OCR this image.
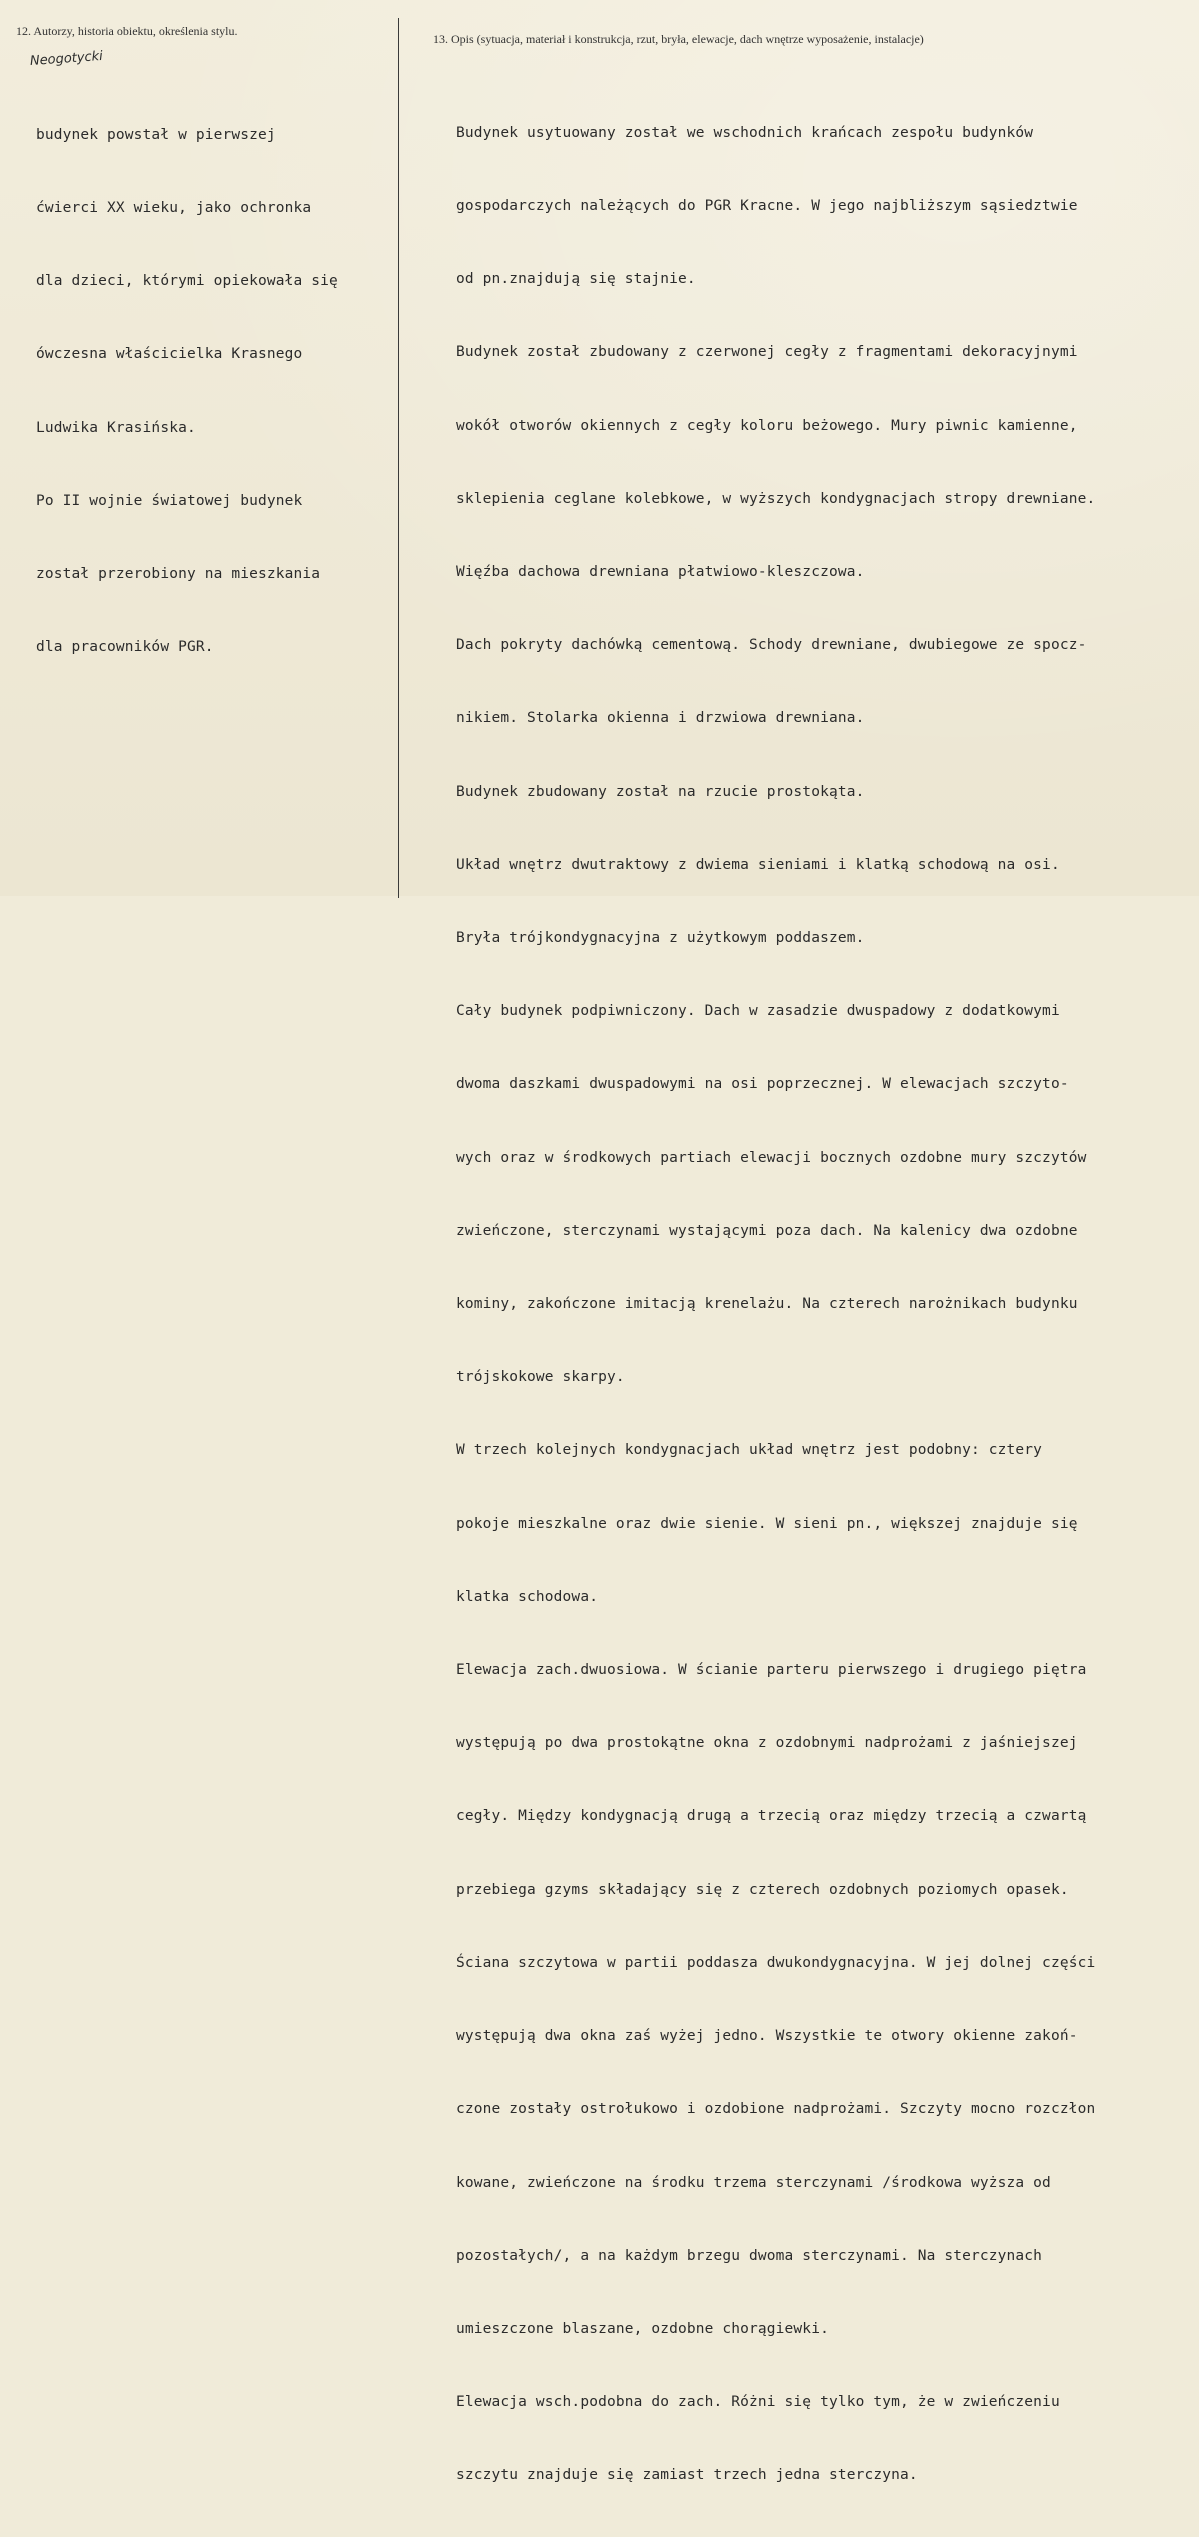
12. Autorzy, historia obiektu, określenia stylu.
13. Opis (sytuacja, materiał i konstrukcja, rzut, bryła, elewacje, dach wnętrze wyposażenie, instalacje)
Neogotycki

budynek powstał w pierwszej

ćwierci XX wieku, jako ochronka

dla dzieci, którymi opiekowała się

ówczesna właścicielka Krasnego

Ludwika Krasińska.

Po II wojnie światowej budynek

został przerobiony na mieszkania

dla pracowników PGR.

Budynek usytuowany został we wschodnich krańcach zespołu budynków

gospodarczych należących do PGR Kracne. W jego najbliższym sąsiedztwie

od pn.znajdują się stajnie.

Budynek został zbudowany z czerwonej cegły z fragmentami dekoracyjnymi

wokół otworów okiennych z cegły koloru beżowego. Mury piwnic kamienne,

sklepienia ceglane kolebkowe, w wyższych kondygnacjach stropy drewniane.

Więźba dachowa drewniana płatwiowo-kleszczowa.

Dach pokryty dachówką cementową. Schody drewniane, dwubiegowe ze spocz-

nikiem. Stolarka okienna i drzwiowa drewniana.

Budynek zbudowany został na rzucie prostokąta.

Układ wnętrz dwutraktowy z dwiema sieniami i klatką schodową na osi.

Bryła trójkondygnacyjna z użytkowym poddaszem.

Cały budynek podpiwniczony. Dach w zasadzie dwuspadowy z dodatkowymi

dwoma daszkami dwuspadowymi na osi poprzecznej. W elewacjach szczyto-

wych oraz w środkowych partiach elewacji bocznych ozdobne mury szczytów

zwieńczone, sterczynami wystającymi poza dach. Na kalenicy dwa ozdobne

kominy, zakończone imitacją krenelażu. Na czterech narożnikach budynku

trójskokowe skarpy.

W trzech kolejnych kondygnacjach układ wnętrz jest podobny: cztery

pokoje mieszkalne oraz dwie sienie. W sieni pn., większej znajduje się

klatka schodowa.

Elewacja zach.dwuosiowa. W ścianie parteru pierwszego i drugiego piętra

występują po dwa prostokątne okna z ozdobnymi nadprożami z jaśniejszej

cegły. Między kondygnacją drugą a trzecią oraz między trzecią a czwartą

przebiega gzyms składający się z czterech ozdobnych poziomych opasek.

Ściana szczytowa w partii poddasza dwukondygnacyjna. W jej dolnej części

występują dwa okna zaś wyżej jedno. Wszystkie te otwory okienne zakoń-

czone zostały ostrołukowo i ozdobione nadprożami. Szczyty mocno rozczłon

kowane, zwieńczone na środku trzema sterczynami /środkowa wyższa od

pozostałych/, a na każdym brzegu dwoma sterczynami. Na sterczynach

umieszczone blaszane, ozdobne chorągiewki.

Elewacja wsch.podobna do zach. Różni się tylko tym, że w zwieńczeniu

szczytu znajduje się zamiast trzech jedna sterczyna.
